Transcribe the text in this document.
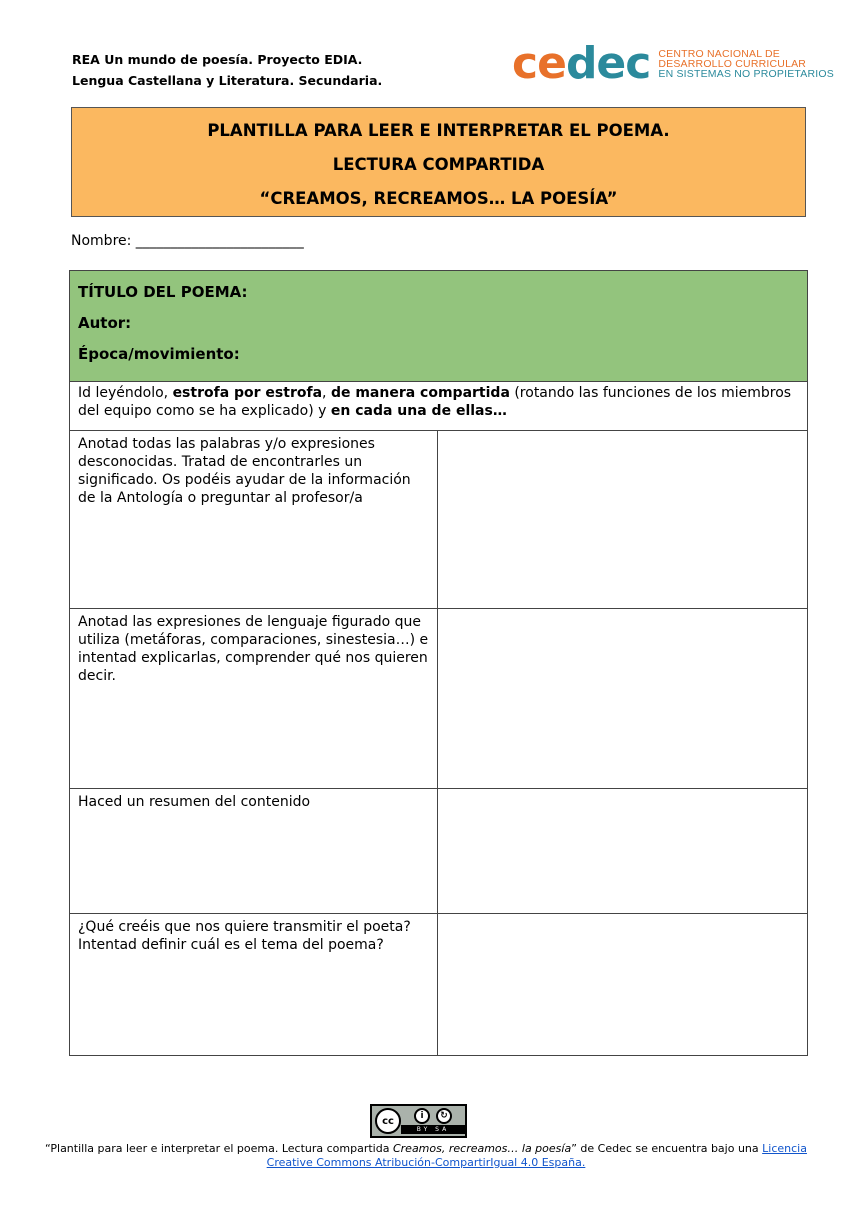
REA Un mundo de poesía. Proyecto EDIA.
Lengua Castellana y Literatura. Secundaria.	cedec CENTRO NACIONAL DE
DESARROLLO CURRICULAR
EN SISTEMAS NO PROPIETARIOS
PLANTILLA PARA LEER E INTERPRETAR EL POEMA.
LECTURA COMPARTIDA
“CREAMOS, RECREAMOS… LA POESÍA”
Nombre: ________________________
TÍTULO DEL POEMA:
Autor:
Época/movimiento:	

Id leyéndolo, estrofa por estrofa, de manera compartida (rotando las funciones de los miembros del equipo como se ha explicado) y en cada una de ellas…	
Anotad todas las palabras y/o expresiones desconocidas. Tratad de encontrarles un significado. Os podéis ayudar de la información de la Antología o preguntar al profesor/a	
Anotad las expresiones de lenguaje figurado que utiliza (metáforas, comparaciones, sinestesia…) e intentad explicarlas, comprender qué nos quieren decir.	
Haced un resumen del contenido	
¿Qué creéis que nos quiere transmitir el poeta? Intentad definir cuál es el tema del poema?	
cc	i	↻
BY SA
“Plantilla para leer e interpretar el poema. Lectura compartida Creamos, recreamos… la poesía” de Cedec se encuentra bajo una Licencia Creative Commons Atribución-CompartirIgual 4.0 España.
